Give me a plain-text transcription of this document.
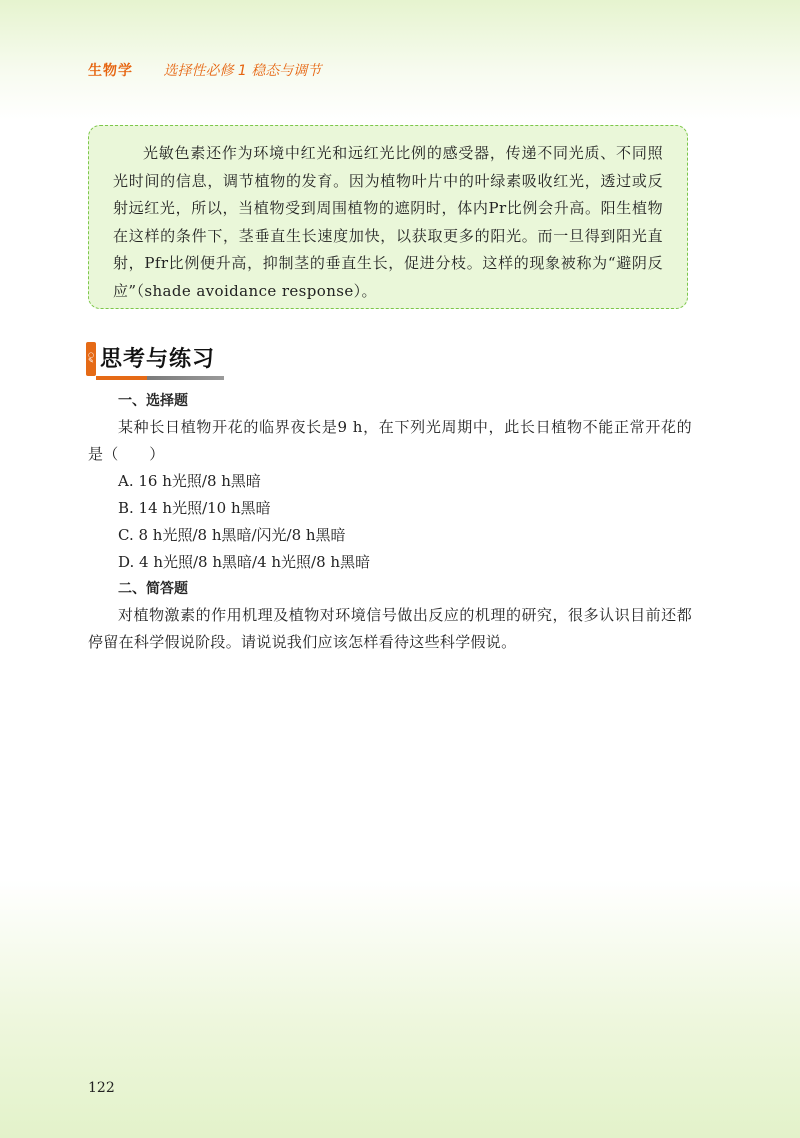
生物学 选择性必修 1 稳态与调节

光敏色素还作为环境中红光和远红光比例的感受器，传递不同光质、不同照光时间的信息，调节植物的发育。因为植物叶片中的叶绿素吸收红光，透过或反射远红光，所以，当植物受到周围植物的遮阴时，体内Pr比例会升高。阳生植物在这样的条件下，茎垂直生长速度加快，以获取更多的阳光。而一旦得到阳光直射，Pfr比例便升高，抑制茎的垂直生长，促进分枝。这样的现象被称为“避阴反应”（shade avoidance response）。

○
✎ 思考与练习
一、选择题

某种长日植物开花的临界夜长是9 h，在下列光周期中，此长日植物不能正常开花的是（　　）

A. 16 h光照/8 h黑暗
B. 14 h光照/10 h黑暗
C. 8 h光照/8 h黑暗/闪光/8 h黑暗
D. 4 h光照/8 h黑暗/4 h光照/8 h黑暗
二、简答题

对植物激素的作用机理及植物对环境信号做出反应的机理的研究，很多认识目前还都停留在科学假说阶段。请说说我们应该怎样看待这些科学假说。

122
